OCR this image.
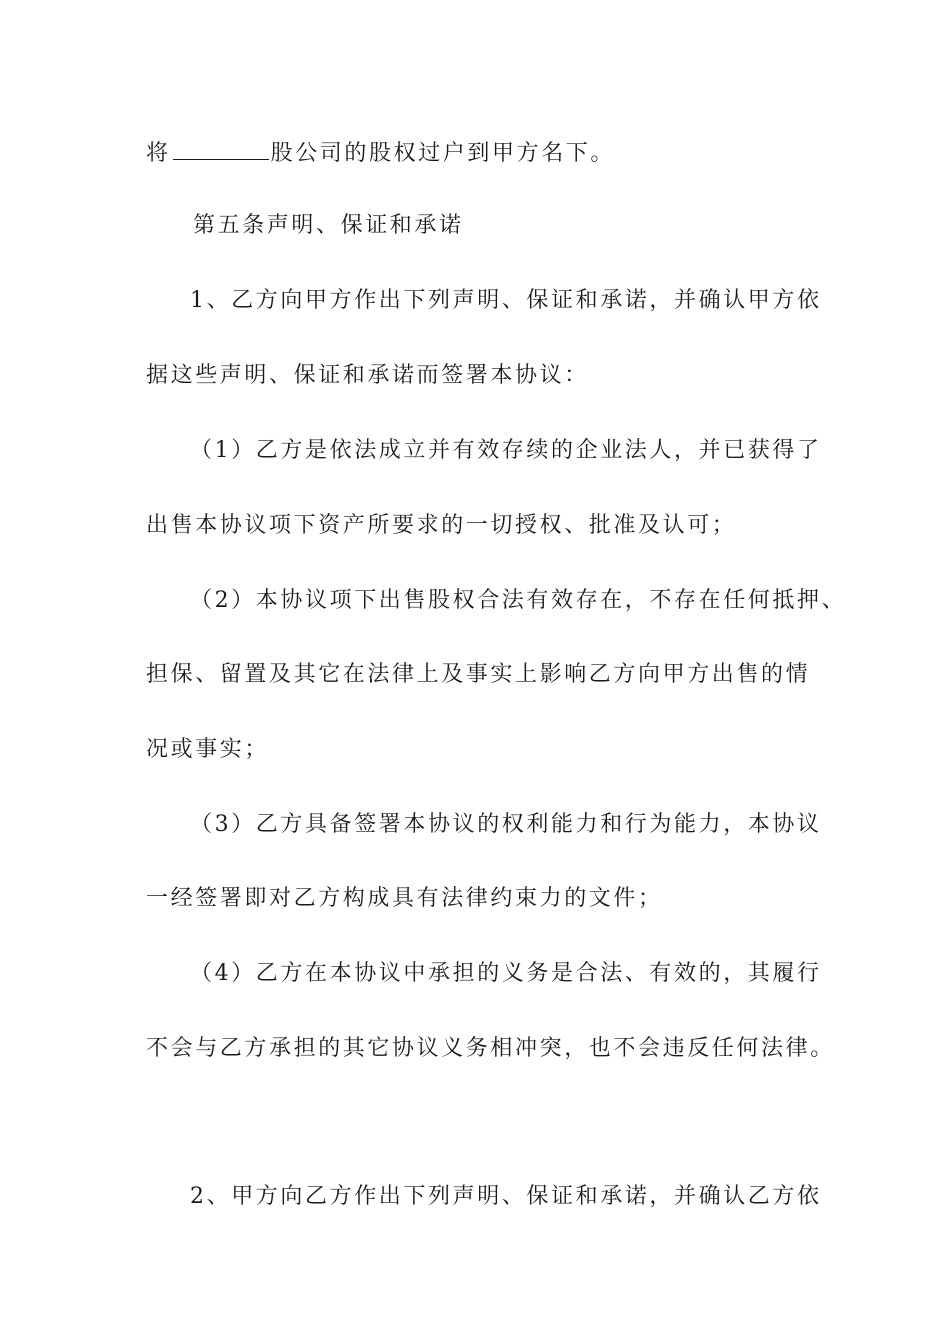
将	股公司的股权过户到甲方名下。
第五条声明、保证和承诺
1、乙方向甲方作出下列声明、保证和承诺，并确认甲方依
据这些声明、保证和承诺而签署本协议：
（1）乙方是依法成立并有效存续的企业法人，并已获得了
出售本协议项下资产所要求的一切授权、批准及认可；
（2）本协议项下出售股权合法有效存在，不存在任何抵押、
担保、留置及其它在法律上及事实上影响乙方向甲方出售的情
况或事实；
（3）乙方具备签署本协议的权利能力和行为能力，本协议
一经签署即对乙方构成具有法律约束力的文件；
（4）乙方在本协议中承担的义务是合法、有效的，其履行
不会与乙方承担的其它协议义务相冲突，也不会违反任何法律。
2、甲方向乙方作出下列声明、保证和承诺，并确认乙方依
